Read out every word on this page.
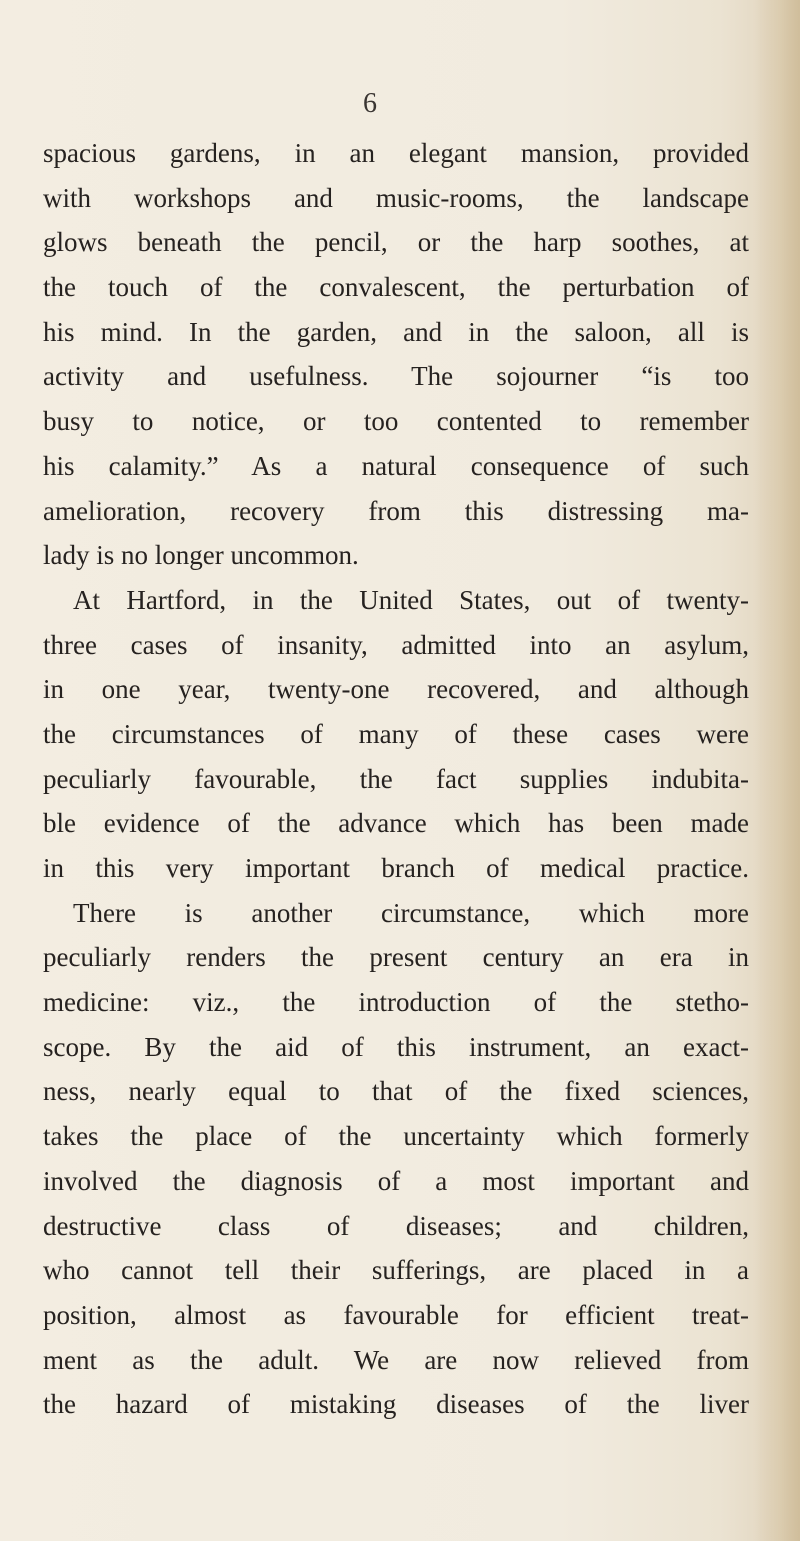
6
spacious gardens, in an elegant mansion, provided
with workshops and music-rooms, the landscape
glows beneath the pencil, or the harp soothes, at
the touch of the convalescent, the perturbation of
his mind. In the garden, and in the saloon, all is
activity and usefulness. The sojourner “is too
busy to notice, or too contented to remember
his calamity.” As a natural consequence of such
amelioration, recovery from this distressing ma-
lady is no longer uncommon.
At Hartford, in the United States, out of twenty-
three cases of insanity, admitted into an asylum,
in one year, twenty-one recovered, and although
the circumstances of many of these cases were
peculiarly favourable, the fact supplies indubita-
ble evidence of the advance which has been made
in this very important branch of medical practice.
There is another circumstance, which more
peculiarly renders the present century an era in
medicine: viz., the introduction of the stetho-
scope. By the aid of this instrument, an exact-
ness, nearly equal to that of the fixed sciences,
takes the place of the uncertainty which formerly
involved the diagnosis of a most important and
destructive class of diseases; and children,
who cannot tell their sufferings, are placed in a
position, almost as favourable for efficient treat-
ment as the adult. We are now relieved from
the hazard of mistaking diseases of the liver
